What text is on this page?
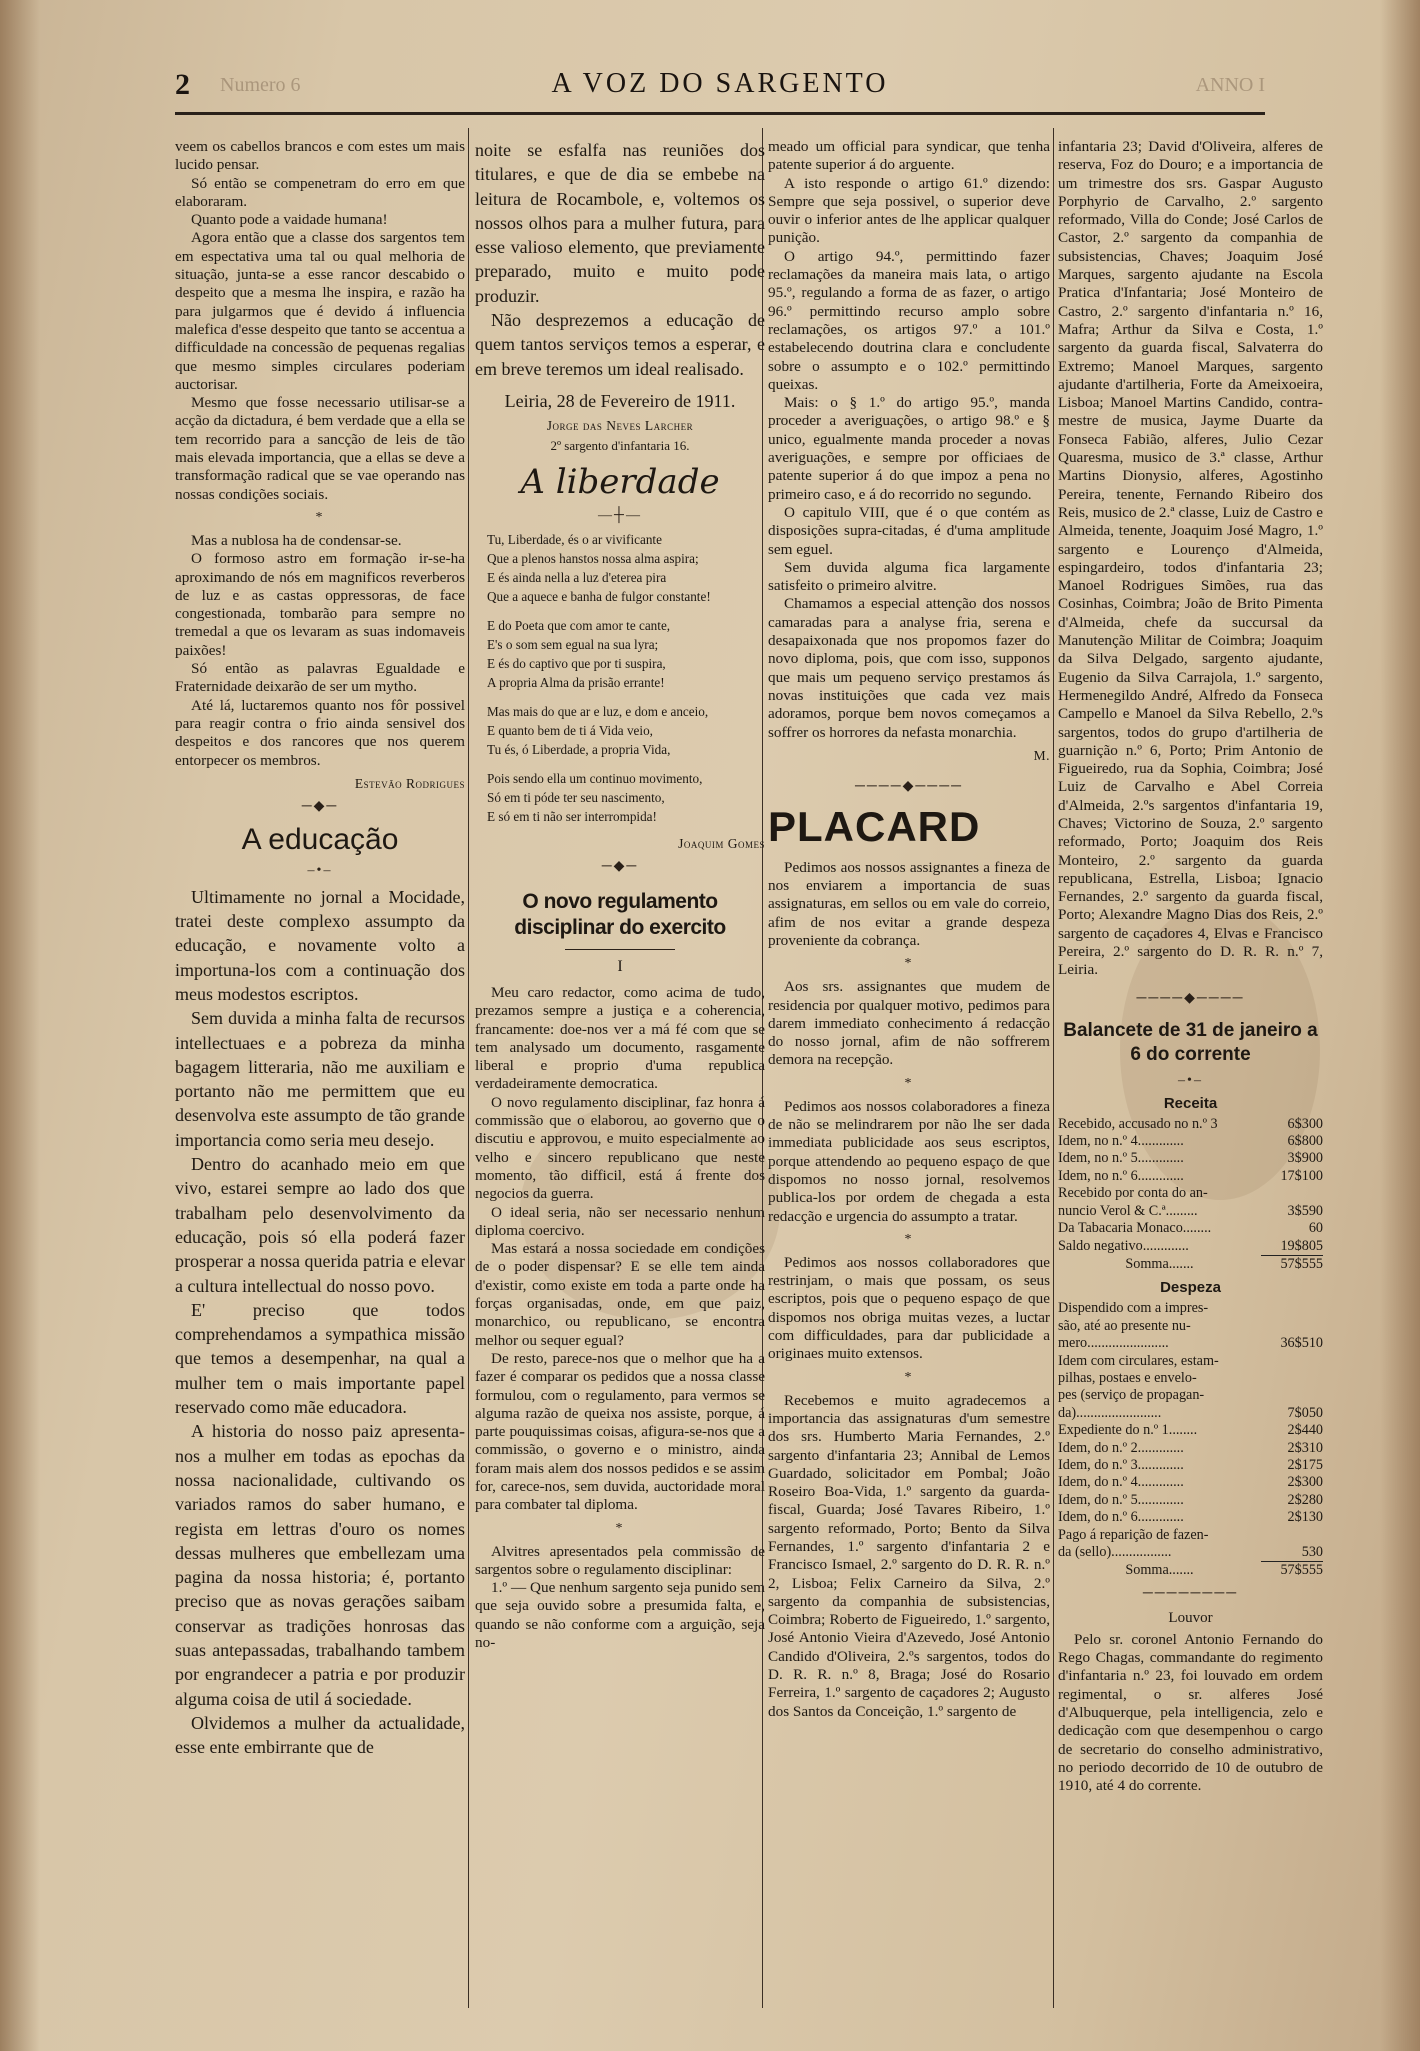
2 Numero 6	A VOZ DO SARGENTO	ANNO I

veem os cabellos brancos e com estes um mais lucido pensar.

Só então se compenetram do erro em que elaboraram.

Quanto pode a vaidade humana!

Agora então que a classe dos sargentos tem em espectativa uma tal ou qual melhoria de situação, junta-se a esse rancor descabido o despeito que a mesma lhe inspira, e razão ha para julgarmos que é devido á influencia malefica d'esse despeito que tanto se accentua a difficuldade na concessão de pequenas regalias que mesmo simples circulares poderiam auctorisar.

Mesmo que fosse necessario utilisar-se a acção da dictadura, é bem verdade que a ella se tem recorrido para a sancção de leis de tão mais elevada importancia, que a ellas se deve a transformação radical que se vae operando nas nossas condições sociais.

*

Mas a nublosa ha de condensar-se.

O formoso astro em formação ir-se-ha aproximando de nós em magnificos reverberos de luz e as castas oppressoras, de face congestionada, tombarão para sempre no tremedal a que os levaram as suas indomaveis paixões!

Só então as palavras Egualdade e Fraternidade deixarão de ser um mytho.

Até lá, luctaremos quanto nos fôr possivel para reagir contra o frio ainda sensivel dos despeitos e dos rancores que nos querem entorpecer os membros.

Estevão Rodrigues
─◆─
A educação
–•–

Ultimamente no jornal a Mocidade, tratei deste complexo assumpto da educação, e novamente volto a importuna-los com a continuação dos meus modestos escriptos.

Sem duvida a minha falta de recursos intellectuaes e a pobreza da minha bagagem litteraria, não me auxiliam e portanto não me permittem que eu desenvolva este assumpto de tão grande importancia como seria meu desejo.

Dentro do acanhado meio em que vivo, estarei sempre ao lado dos que trabalham pelo desenvolvimento da educação, pois só ella poderá fazer prosperar a nossa querida patria e elevar a cultura intellectual do nosso povo.

E' preciso que todos comprehendamos a sympathica missão que temos a desempenhar, na qual a mulher tem o mais importante papel reservado como mãe educadora.

A historia do nosso paiz apresenta-nos a mulher em todas as epochas da nossa nacionalidade, cultivando os variados ramos do saber humano, e regista em lettras d'ouro os nomes dessas mulheres que embellezam uma pagina da nossa historia; é, portanto preciso que as novas gerações saibam conservar as tradições honrosas das suas antepassadas, trabalhando tambem por engrandecer a patria e por produzir alguma coisa de util á sociedade.

Olvidemos a mulher da actualidade, esse ente embirrante que de

noite se esfalfa nas reuniões dos titulares, e que de dia se embebe na leitura de Rocambole, e, voltemos os nossos olhos para a mulher futura, para esse valioso elemento, que previamente preparado, muito e muito pode produzir.

Não desprezemos a educação de quem tantos serviços temos a esperar, e em breve teremos um ideal realisado.

Leiria, 28 de Fevereiro de 1911.
Jorge das Neves Larcher
2º sargento d'infantaria 16.
A liberdade
—┼—
Tu, Liberdade, és o ar vivificante
Que a plenos hanstos nossa alma aspira;
E és ainda nella a luz d'eterea pira
Que a aquece e banha de fulgor constante!
E do Poeta que com amor te cante,
E's o som sem egual na sua lyra;
E és do captivo que por ti suspira,
A propria Alma da prisão errante!
Mas mais do que ar e luz, e dom e anceio,
E quanto bem de ti á Vida veio,
Tu és, ó Liberdade, a propria Vida,
Pois sendo ella um continuo movimento,
Só em ti póde ter seu nascimento,
E só em ti não ser interrompida!
Joaquim Gomes
─◆─
O novo regulamento disciplinar do exercito
I

Meu caro redactor, como acima de tudo, prezamos sempre a justiça e a coherencia, francamente: doe-nos ver a má fé com que se tem analysado um documento, rasgamente liberal e proprio d'uma republica verdadeiramente democratica.

O novo regulamento disciplinar, faz honra á commissão que o elaborou, ao governo que o discutiu e approvou, e muito especialmente ao velho e sincero republicano que neste momento, tão difficil, está á frente dos negocios da guerra.

O ideal seria, não ser necessario nenhum diploma coercivo.

Mas estará a nossa sociedade em condições de o poder dispensar? E se elle tem ainda d'existir, como existe em toda a parte onde ha forças organisadas, onde, em que paiz, monarchico, ou republicano, se encontra melhor ou sequer egual?

De resto, parece-nos que o melhor que ha a fazer é comparar os pedidos que a nossa classe formulou, com o regulamento, para vermos se alguma razão de queixa nos assiste, porque, á parte pouquissimas coisas, afigura-se-nos que a commissão, o governo e o ministro, ainda foram mais alem dos nossos pedidos e se assim for, carece-nos, sem duvida, auctoridade moral para combater tal diploma.

*

Alvitres apresentados pela commissão de sargentos sobre o regulamento disciplinar:

1.º — Que nenhum sargento seja punido sem que seja ouvido sobre a presumida falta, e, quando se não conforme com a arguição, seja no-

meado um official para syndicar, que tenha patente superior á do arguente.

A isto responde o artigo 61.º dizendo: Sempre que seja possivel, o superior deve ouvir o inferior antes de lhe applicar qualquer punição.

O artigo 94.º, permittindo fazer reclamações da maneira mais lata, o artigo 95.º, regulando a forma de as fazer, o artigo 96.º permittindo recurso amplo sobre reclamações, os artigos 97.º a 101.º estabelecendo doutrina clara e concludente sobre o assumpto e o 102.º permittindo queixas.

Mais: o § 1.º do artigo 95.º, manda proceder a averiguações, o artigo 98.º e § unico, egualmente manda proceder a novas averiguações, e sempre por officiaes de patente superior á do que impoz a pena no primeiro caso, e á do recorrido no segundo.

O capitulo VIII, que é o que contém as disposições supra-citadas, é d'uma amplitude sem eguel.

Sem duvida alguma fica largamente satisfeito o primeiro alvitre.

Chamamos a especial attenção dos nossos camaradas para a analyse fria, serena e desapaixonada que nos propomos fazer do novo diploma, pois, que com isso, supponos que mais um pequeno serviço prestamos ás novas instituições que cada vez mais adoramos, porque bem novos começamos a soffrer os horrores da nefasta monarchia.

M.
────◆────
PLACARD

Pedimos aos nossos assignantes a fineza de nos enviarem a importancia de suas assignaturas, em sellos ou em vale do correio, afim de nos evitar a grande despeza proveniente da cobrança.

*

Aos srs. assignantes que mudem de residencia por qualquer motivo, pedimos para darem immediato conhecimento á redacção do nosso jornal, afim de não soffrerem demora na recepção.

*

Pedimos aos nossos colaboradores a fineza de não se melindrarem por não lhe ser dada immediata publicidade aos seus escriptos, porque attendendo ao pequeno espaço de que dispomos no nosso jornal, resolvemos publica-los por ordem de chegada a esta redacção e urgencia do assumpto a tratar.

*

Pedimos aos nossos collaboradores que restrinjam, o mais que possam, os seus escriptos, pois que o pequeno espaço de que dispomos nos obriga muitas vezes, a luctar com difficuldades, para dar publicidade a originaes muito extensos.

*

Recebemos e muito agradecemos a importancia das assignaturas d'um semestre dos srs. Humberto Maria Fernandes, 2.º sargento d'infantaria 23; Annibal de Lemos Guardado, solicitador em Pombal; João Roseiro Boa-Vida, 1.º sargento da guarda-fiscal, Guarda; José Tavares Ribeiro, 1.º sargento reformado, Porto; Bento da Silva Fernandes, 1.º sargento d'infantaria 2 e Francisco Ismael, 2.º sargento do D. R. R. n.º 2, Lisboa; Felix Carneiro da Silva, 2.º sargento da companhia de subsistencias, Coimbra; Roberto de Figueiredo, 1.º sargento, José Antonio Vieira d'Azevedo, José Antonio Candido d'Oliveira, 2.ºs sargentos, todos do D. R. R. n.º 8, Braga; José do Rosario Ferreira, 1.º sargento de caçadores 2; Augusto dos Santos da Conceição, 1.º sargento de

infantaria 23; David d'Oliveira, alferes de reserva, Foz do Douro; e a importancia de um trimestre dos srs. Gaspar Augusto Porphyrio de Carvalho, 2.º sargento reformado, Villa do Conde; José Carlos de Castor, 2.º sargento da companhia de subsistencias, Chaves; Joaquim José Marques, sargento ajudante na Escola Pratica d'Infantaria; José Monteiro de Castro, 2.º sargento d'infantaria n.º 16, Mafra; Arthur da Silva e Costa, 1.º sargento da guarda fiscal, Salvaterra do Extremo; Manoel Marques, sargento ajudante d'artilheria, Forte da Ameixoeira, Lisboa; Manoel Martins Candido, contra-mestre de musica, Jayme Duarte da Fonseca Fabião, alferes, Julio Cezar Quaresma, musico de 3.ª classe, Arthur Martins Dionysio, alferes, Agostinho Pereira, tenente, Fernando Ribeiro dos Reis, musico de 2.ª classe, Luiz de Castro e Almeida, tenente, Joaquim José Magro, 1.º sargento e Lourenço d'Almeida, espingardeiro, todos d'infantaria 23; Manoel Rodrigues Simões, rua das Cosinhas, Coimbra; João de Brito Pimenta d'Almeida, chefe da succursal da Manutenção Militar de Coimbra; Joaquim da Silva Delgado, sargento ajudante, Eugenio da Silva Carrajola, 1.º sargento, Hermenegildo André, Alfredo da Fonseca Campello e Manoel da Silva Rebello, 2.ºs sargentos, todos do grupo d'artilheria de guarnição n.º 6, Porto; Prim Antonio de Figueiredo, rua da Sophia, Coimbra; José Luiz de Carvalho e Abel Correia d'Almeida, 2.ºs sargentos d'infantaria 19, Chaves; Victorino de Souza, 2.º sargento reformado, Porto; Joaquim dos Reis Monteiro, 2.º sargento da guarda republicana, Estrella, Lisboa; Ignacio Fernandes, 2.º sargento da guarda fiscal, Porto; Alexandre Magno Dias dos Reis, 2.º sargento de caçadores 4, Elvas e Francisco Pereira, 2.º sargento do D. R. R. n.º 7, Leiria.

────◆────
Balancete de 31 de janeiro a 6 do corrente
–•–
Receita
Recebido, accusado no n.º 3	6$300
Idem, no n.º 4.............	6$800
Idem, no n.º 5.............	3$900
Idem, no n.º 6.............	17$100
Recebido por conta do an-
nuncio Verol & C.ª.........	3$590
Da Tabacaria Monaco........	60
Saldo negativo.............	19$805
Somma.......	57$555
Despeza
Dispendido com a impres-
são, até ao presente nu-
mero.......................	36$510
Idem com circulares, estam-
pilhas, postaes e envelo-
pes (serviço de propagan-
da)........................	7$050
Expediente do n.º 1........	2$440
Idem, do n.º 2.............	2$310
Idem, do n.º 3.............	2$175
Idem, do n.º 4.............	2$300
Idem, do n.º 5.............	2$280
Idem, do n.º 6.............	2$130
Pago á reparição de fazen-
da (sello).................	530
Somma.......	57$555
────────
Louvor

Pelo sr. coronel Antonio Fernando do Rego Chagas, commandante do regimento d'infantaria n.º 23, foi louvado em ordem regimental, o sr. alferes José d'Albuquerque, pela intelligencia, zelo e dedicação com que desempenhou o cargo de secretario do conselho administrativo, no periodo decorrido de 10 de outubro de 1910, até 4 do corrente.
